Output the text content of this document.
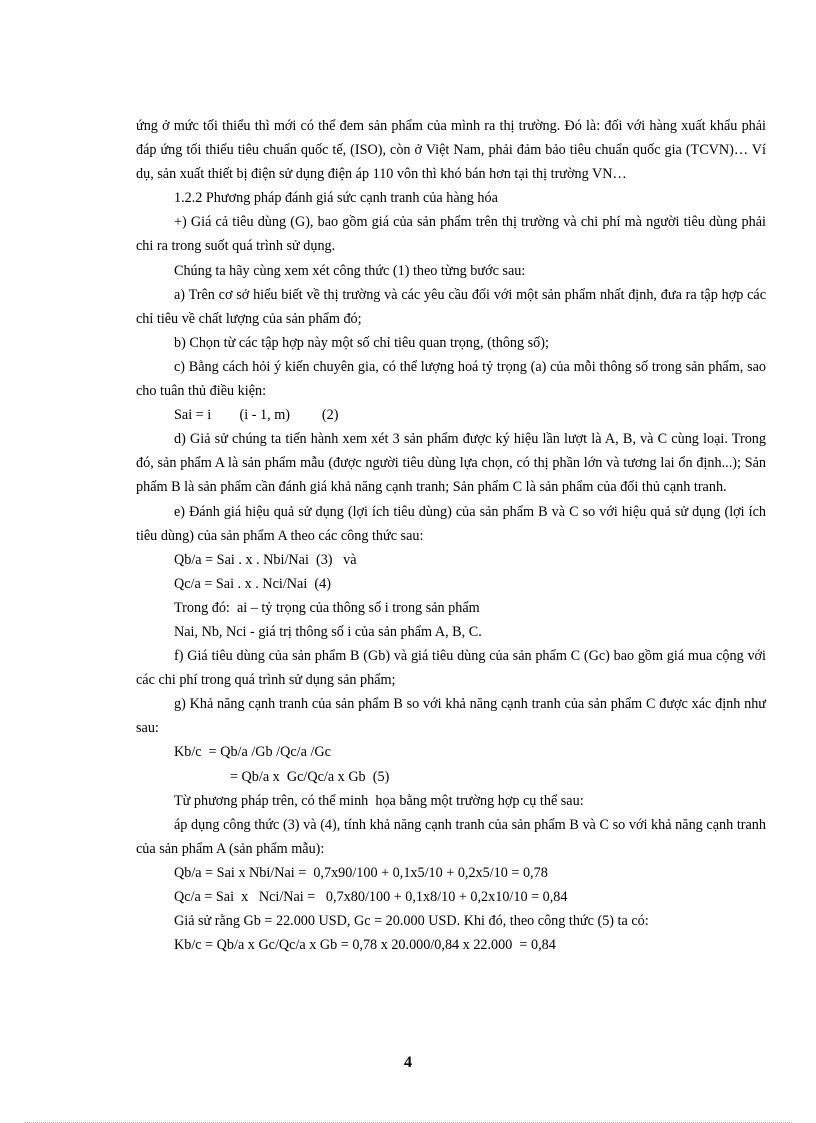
ứng ở mức tối thiểu thì mới có thể đem sản phẩm của mình ra thị trường. Đó là: đối với hàng xuất khẩu phải đáp ứng tối thiểu tiêu chuẩn quốc tế, (ISO), còn ở Việt Nam, phải đảm bảo tiêu chuẩn quốc gia (TCVN)… Ví dụ, sản xuất thiết bị điện sử dụng điện áp 110 vôn thì khó bán hơn tại thị trường VN…

1.2.2 Phương pháp đánh giá sức cạnh tranh của hàng hóa

+) Giá cả tiêu dùng (G), bao gồm giá của sản phẩm trên thị trường và chi phí mà người tiêu dùng phải chi ra trong suốt quá trình sử dụng.

Chúng ta hãy cùng xem xét công thức (1) theo từng bước sau:

a) Trên cơ sở hiểu biết về thị trường và các yêu cầu đối với một sản phẩm nhất định, đưa ra tập hợp các chỉ tiêu về chất lượng của sản phẩm đó;

b) Chọn từ các tập hợp này một số chỉ tiêu quan trọng, (thông số);

c) Bằng cách hỏi ý kiến chuyên gia, có thể lượng hoá tỷ trọng (a) của mỗi thông số trong sản phẩm, sao cho tuân thủ điều kiện:

Sai = i        (i - 1, m)         (2)

d) Giả sử chúng ta tiến hành xem xét 3 sản phẩm được ký hiệu lần lượt là A, B, và C cùng loại. Trong đó, sản phẩm A là sản phẩm mẫu (được người tiêu dùng lựa chọn, có thị phần lớn và tương lai ổn định...); Sản phẩm B là sản phẩm cần đánh giá khả năng cạnh tranh; Sản phẩm C là sản phẩm của đối thủ cạnh tranh.

e) Đánh giá hiệu quả sử dụng (lợi ích tiêu dùng) của sản phẩm B và C so với hiệu quả sử dụng (lợi ích tiêu dùng) của sản phẩm A theo các công thức sau:

Qb/a = Sai . x . Nbi/Nai  (3)   và

Qc/a = Sai . x . Nci/Nai  (4)

Trong đó:  ai – tỷ trọng của thông số i trong sản phẩm

Nai, Nb, Nci - giá trị thông số i của sản phẩm A, B, C.

f) Giá tiêu dùng của sản phẩm B (Gb) và giá tiêu dùng của sản phẩm C (Gc) bao gồm giá mua cộng với các chi phí trong quá trình sử dụng sản phẩm;

g) Khả năng cạnh tranh của sản phẩm B so với khả năng cạnh tranh của sản phẩm C được xác định như sau:

Kb/c  = Qb/a /Gb /Qc/a /Gc

= Qb/a x  Gc/Qc/a x Gb  (5)

Từ phương pháp trên, có thể minh  họa bằng một trường hợp cụ thể sau:

áp dụng công thức (3) và (4), tính khả năng cạnh tranh của sản phẩm B và C so với khả năng cạnh tranh của sản phẩm A (sản phẩm mẫu):

Qb/a = Sai x Nbi/Nai =  0,7x90/100 + 0,1x5/10 + 0,2x5/10 = 0,78

Qc/a = Sai  x   Nci/Nai =   0,7x80/100 + 0,1x8/10 + 0,2x10/10 = 0,84

Giả sử rằng Gb = 22.000 USD, Gc = 20.000 USD. Khi đó, theo công thức (5) ta có:

Kb/c = Qb/a x Gc/Qc/a x Gb = 0,78 x 20.000/0,84 x 22.000  = 0,84

4
